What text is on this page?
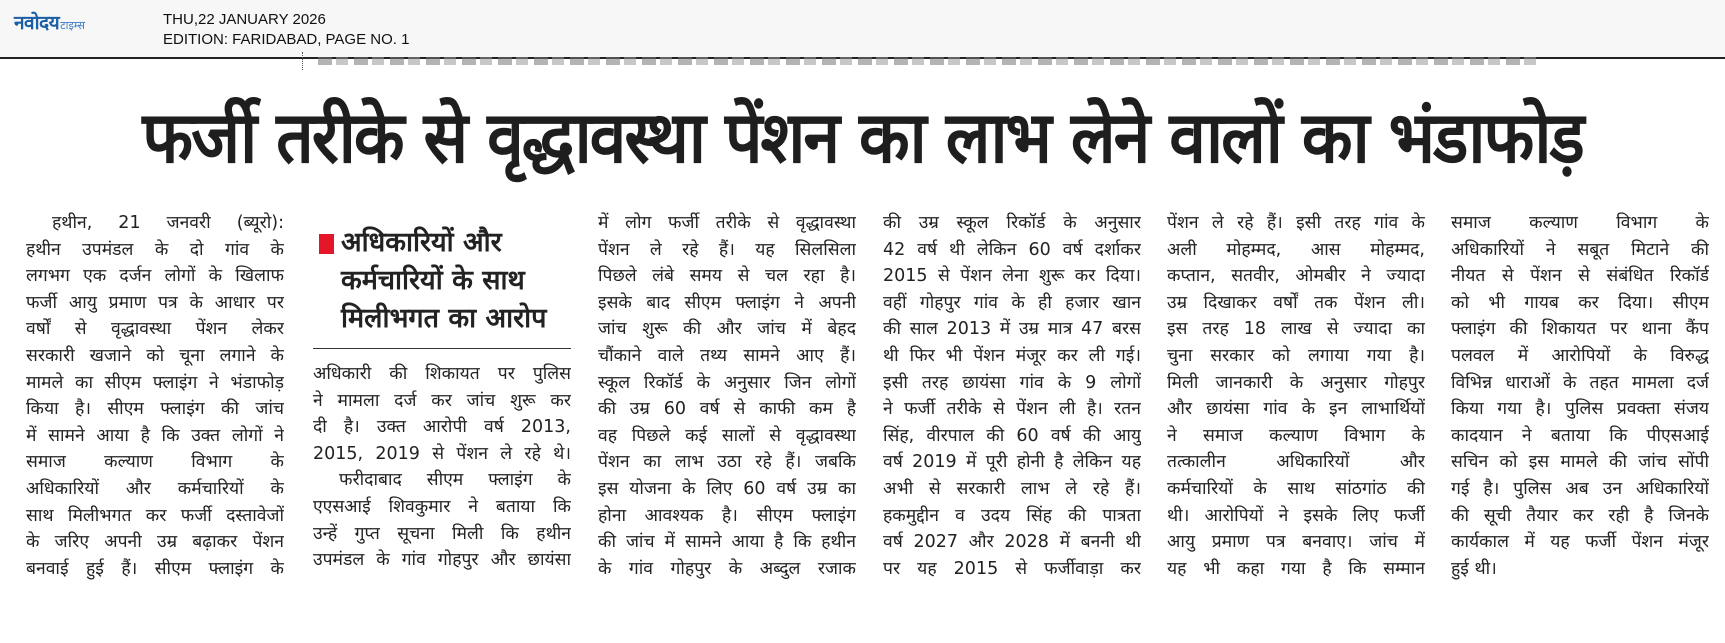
नवोदय टाइम्स	THU,22 JANUARY 2026
EDITION: FARIDABAD, PAGE NO. 1
फर्जी तरीके से वृद्धावस्था पेंशन का लाभ लेने वालों का भंडाफोड़
हथीन, 21 जनवरी (ब्यूरो):
हथीन उपमंडल के दो गांव के
लगभग एक दर्जन लोगों के खिलाफ
फर्जी आयु प्रमाण पत्र के आधार पर
वर्षों से वृद्धावस्था पेंशन लेकर
सरकारी खजाने को चूना लगाने के
मामले का सीएम फ्लाइंग ने भंडाफोड़
किया है। सीएम फ्लाइंग की जांच
में सामने आया है कि उक्त लोगों ने
समाज कल्याण विभाग के
अधिकारियों और कर्मचारियों के
साथ मिलीभगत कर फर्जी दस्तावेजों
के जरिए अपनी उम्र बढ़ाकर पेंशन
बनवाई हुई हैं। सीएम फ्लाइंग के
अधिकारियों और कर्मचारियों के साथ मिलीभगत का आरोप
अधिकारी की शिकायत पर पुलिस
ने मामला दर्ज कर जांच शुरू कर
दी है। उक्त आरोपी वर्ष 2013,
2015, 2019 से पेंशन ले रहे थे।
फरीदाबाद सीएम फ्लाइंग के
एएसआई शिवकुमार ने बताया कि
उन्हें गुप्त सूचना मिली कि हथीन
उपमंडल के गांव गोहपुर और छायंसा
में लोग फर्जी तरीके से वृद्धावस्था
पेंशन ले रहे हैं। यह सिलसिला
पिछले लंबे समय से चल रहा है।
इसके बाद सीएम फ्लाइंग ने अपनी
जांच शुरू की और जांच में बेहद
चौंकाने वाले तथ्य सामने आए हैं।
स्कूल रिकॉर्ड के अनुसार जिन लोगों
की उम्र 60 वर्ष से काफी कम है
वह पिछले कई सालों से वृद्धावस्था
पेंशन का लाभ उठा रहे हैं। जबकि
इस योजना के लिए 60 वर्ष उम्र का
होना आवश्यक है। सीएम फ्लाइंग
की जांच में सामने आया है कि हथीन
के गांव गोहपुर के अब्दुल रजाक
की उम्र स्कूल रिकॉर्ड के अनुसार
42 वर्ष थी लेकिन 60 वर्ष दर्शाकर
2015 से पेंशन लेना शुरू कर दिया।
वहीं गोहपुर गांव के ही हजार खान
की साल 2013 में उम्र मात्र 47 बरस
थी फिर भी पेंशन मंजूर कर ली गई।
इसी तरह छायंसा गांव के 9 लोगों
ने फर्जी तरीके से पेंशन ली है। रतन
सिंह, वीरपाल की 60 वर्ष की आयु
वर्ष 2019 में पूरी होनी है लेकिन यह
अभी से सरकारी लाभ ले रहे हैं।
हकमुद्दीन व उदय सिंह की पात्रता
वर्ष 2027 और 2028 में बननी थी
पर यह 2015 से फर्जीवाड़ा कर
पेंशन ले रहे हैं। इसी तरह गांव के
अली मोहम्मद, आस मोहम्मद,
कप्तान, सतवीर, ओमबीर ने ज्यादा
उम्र दिखाकर वर्षों तक पेंशन ली।
इस तरह 18 लाख से ज्यादा का
चुना सरकार को लगाया गया है।
मिली जानकारी के अनुसार गोहपुर
और छायंसा गांव के इन लाभार्थियों
ने समाज कल्याण विभाग के
तत्कालीन अधिकारियों और
कर्मचारियों के साथ सांठगांठ की
थी। आरोपियों ने इसके लिए फर्जी
आयु प्रमाण पत्र बनवाए। जांच में
यह भी कहा गया है कि सम्मान
समाज कल्याण विभाग के
अधिकारियों ने सबूत मिटाने की
नीयत से पेंशन से संबंधित रिकॉर्ड
को भी गायब कर दिया। सीएम
फ्लाइंग की शिकायत पर थाना कैंप
पलवल में आरोपियों के विरुद्ध
विभिन्न धाराओं के तहत मामला दर्ज
किया गया है। पुलिस प्रवक्ता संजय
कादयान ने बताया कि पीएसआई
सचिन को इस मामले की जांच सोंपी
गई है। पुलिस अब उन अधिकारियों
की सूची तैयार कर रही है जिनके
कार्यकाल में यह फर्जी पेंशन मंजूर
हुई थी।
